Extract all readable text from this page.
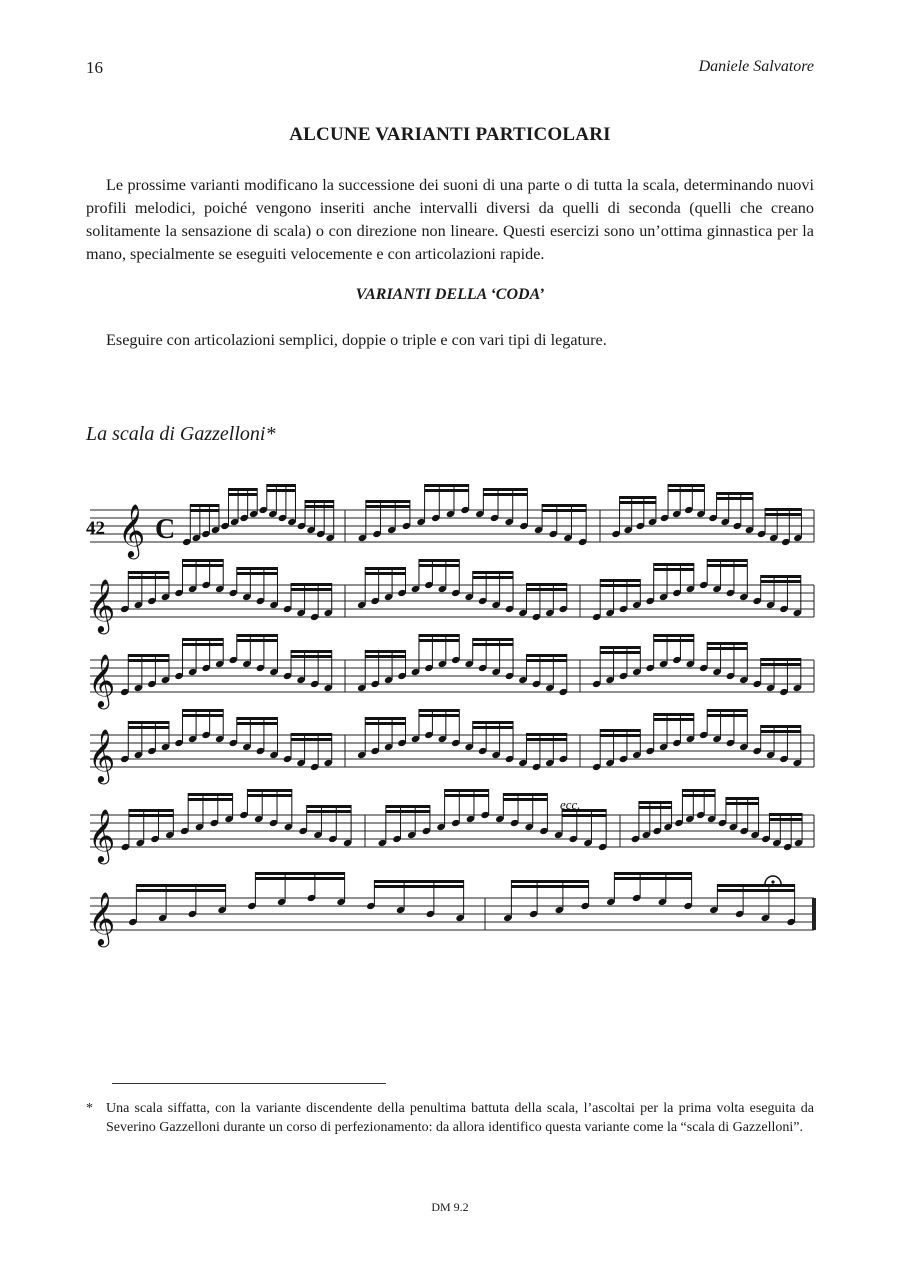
16	Daniele Salvatore
ALCUNE VARIANTI PARTICOLARI

Le prossime varianti modificano la successione dei suoni di una parte o di tutta la scala, determinando nuovi profili melodici, poiché vengono inseriti anche intervalli diversi da quelli di seconda (quelli che creano solitamente la sensazione di scala) o con direzione non lineare. Questi esercizi sono un’ottima ginnastica per la mano, specialmente se eseguiti velocemente e con articolazioni rapide.

VARIANTI DELLA ‘CODA’
Eseguire con articolazioni semplici, doppie o triple e con vari tipi di legature.
La scala di Gazzelloni*
𝄞
𝄞
𝄞
𝄞
𝄞
𝄞
42 C
ecc.

* Una scala siffatta, con la variante discendente della penultima battuta della scala, l’ascoltai per la prima volta eseguita da Severino Gazzelloni durante un corso di perfezionamento: da allora identifico questa variante come la “scala di Gazzelloni”.

DM 9.2
